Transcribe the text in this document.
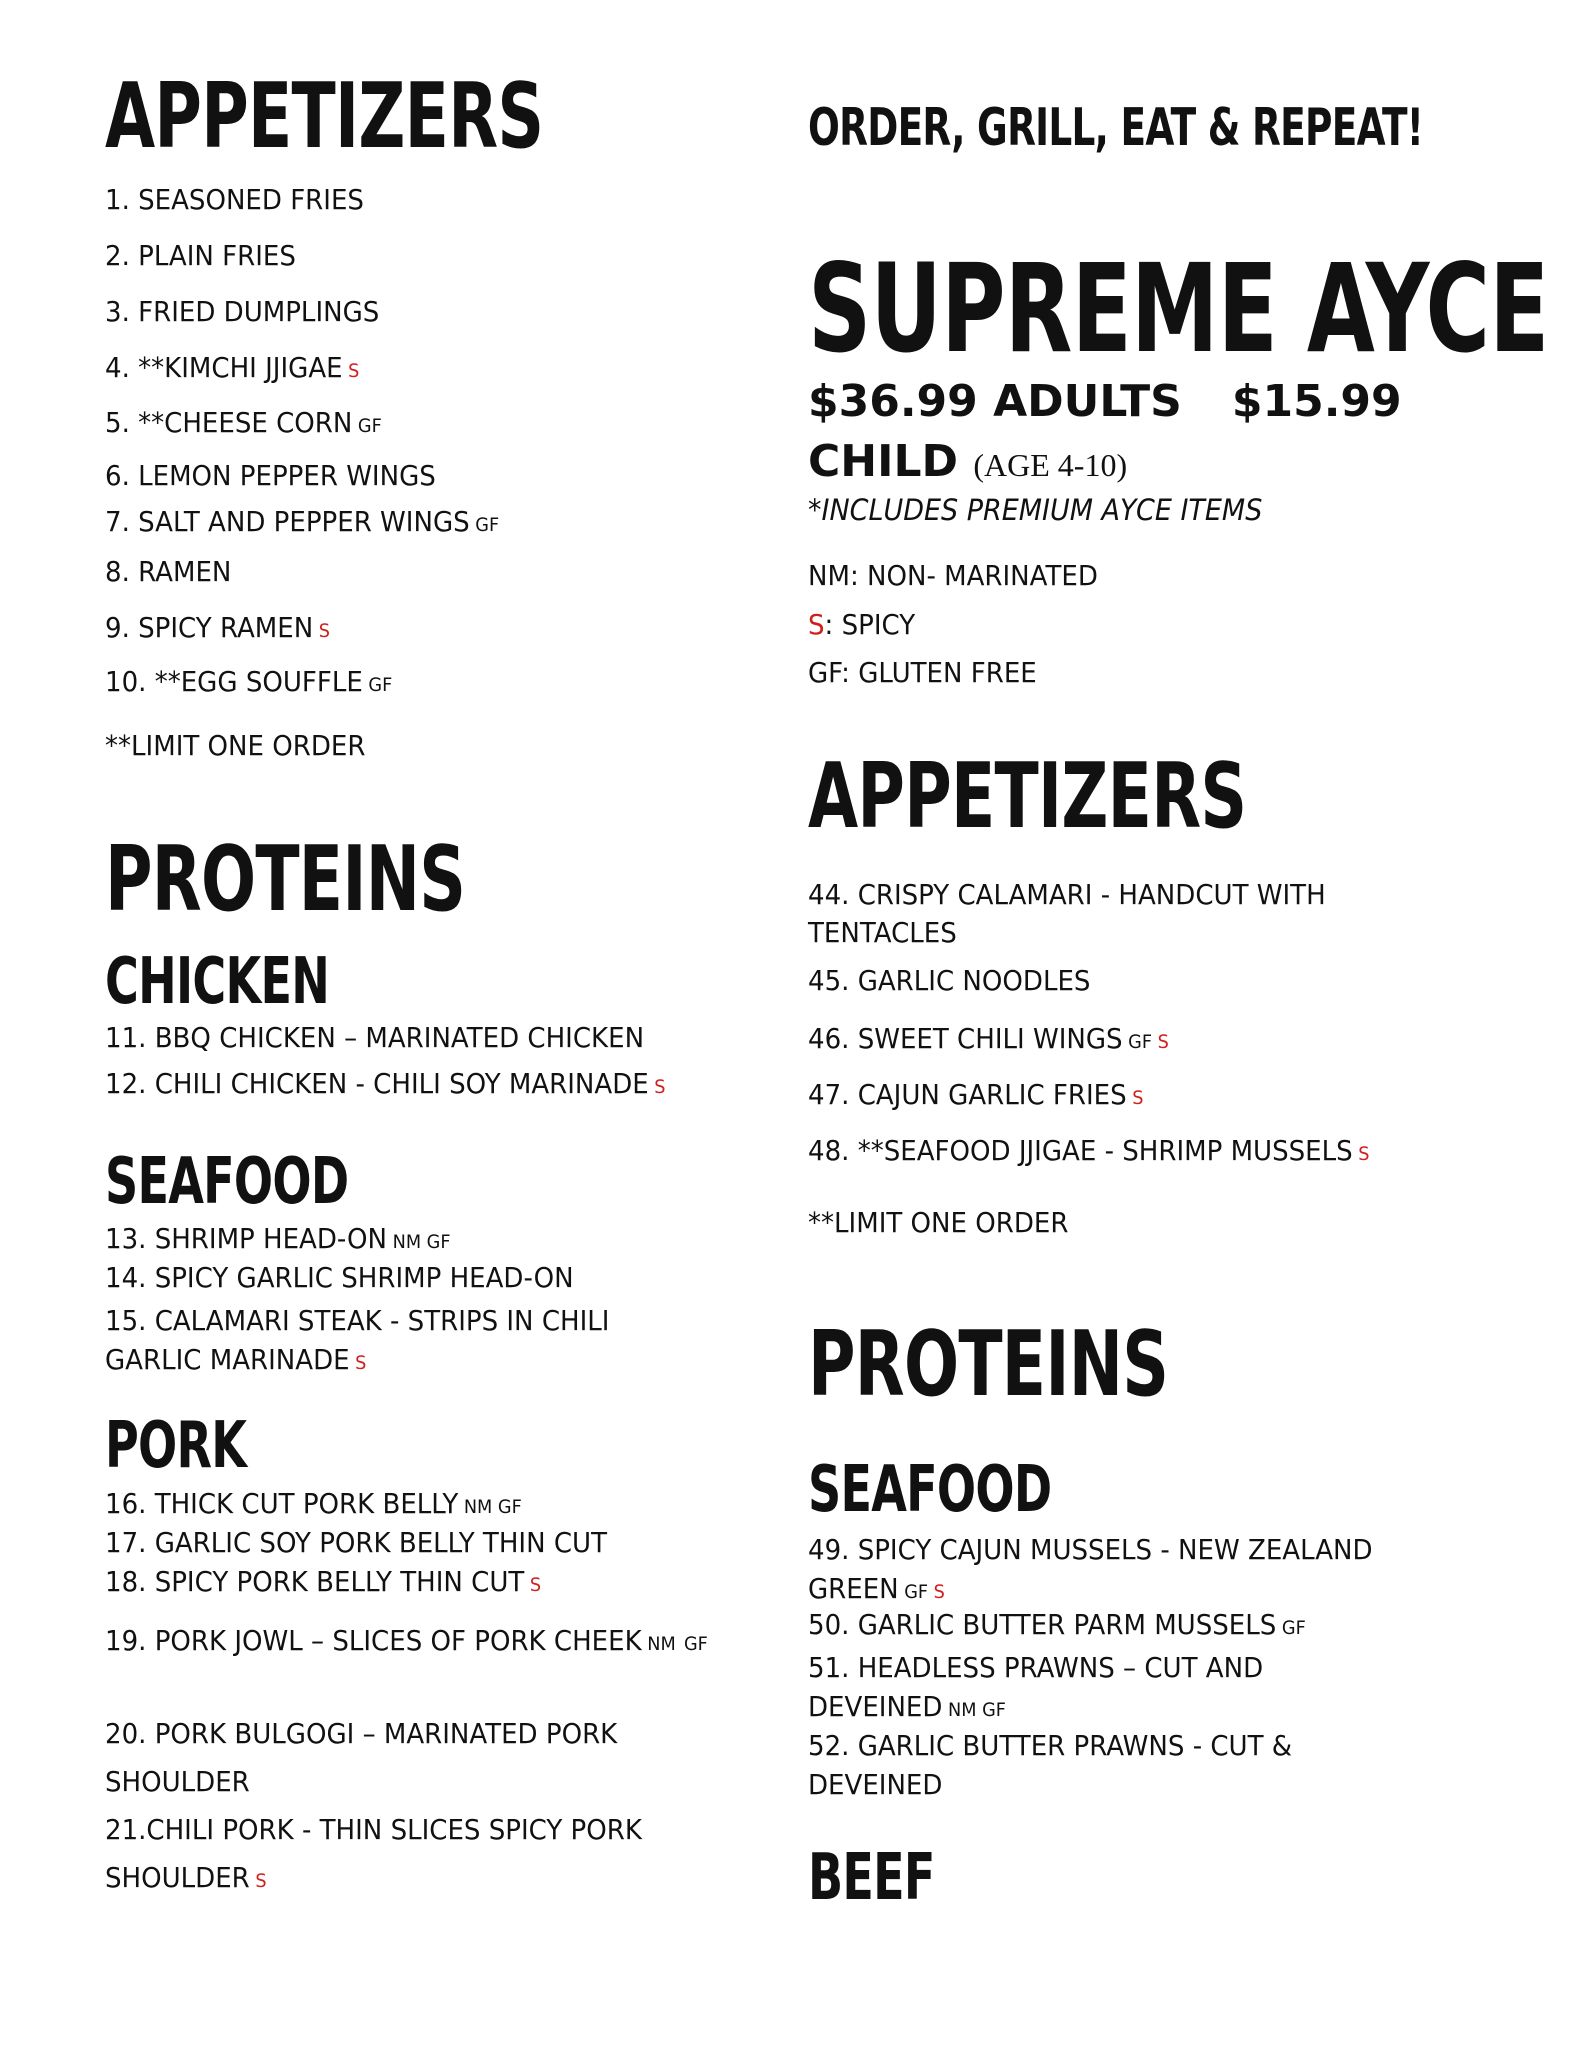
APPETIZERS
1. SEASONED FRIES
2. PLAIN FRIES
3. FRIED DUMPLINGS
4. **KIMCHI JJIGAE S
5. **CHEESE CORN GF
6. LEMON PEPPER WINGS
7. SALT AND PEPPER WINGS GF
8. RAMEN
9. SPICY RAMEN S
10. **EGG SOUFFLE GF
**LIMIT ONE ORDER
PROTEINS
CHICKEN
11. BBQ CHICKEN – MARINATED CHICKEN
12. CHILI CHICKEN - CHILI SOY MARINADE S
SEAFOOD
13. SHRIMP HEAD-ON NM GF
14. SPICY GARLIC SHRIMP HEAD-ON
15. CALAMARI STEAK - STRIPS IN CHILI GARLIC MARINADE S
PORK
16. THICK CUT PORK BELLY NM GF
17. GARLIC SOY PORK BELLY THIN CUT
18. SPICY PORK BELLY THIN CUT S
19. PORK JOWL – SLICES OF PORK CHEEK NM GF
20. PORK BULGOGI – MARINATED PORK SHOULDER
21.CHILI PORK - THIN SLICES SPICY PORK SHOULDER S
ORDER, GRILL, EAT & REPEAT!
SUPREME AYCE
$36.99 ADULTS $15.99
CHILD (AGE 4-10)
*INCLUDES PREMIUM AYCE ITEMS
NM: NON- MARINATED
S: SPICY
GF: GLUTEN FREE
APPETIZERS
44. CRISPY CALAMARI - HANDCUT WITH TENTACLES
45. GARLIC NOODLES
46. SWEET CHILI WINGS GF S
47. CAJUN GARLIC FRIES S
48. **SEAFOOD JJIGAE - SHRIMP MUSSELS S
**LIMIT ONE ORDER
PROTEINS
SEAFOOD
49. SPICY CAJUN MUSSELS - NEW ZEALAND GREEN GF S
50. GARLIC BUTTER PARM MUSSELS GF
51. HEADLESS PRAWNS – CUT AND DEVEINED NM GF
52. GARLIC BUTTER PRAWNS - CUT & DEVEINED
BEEF
